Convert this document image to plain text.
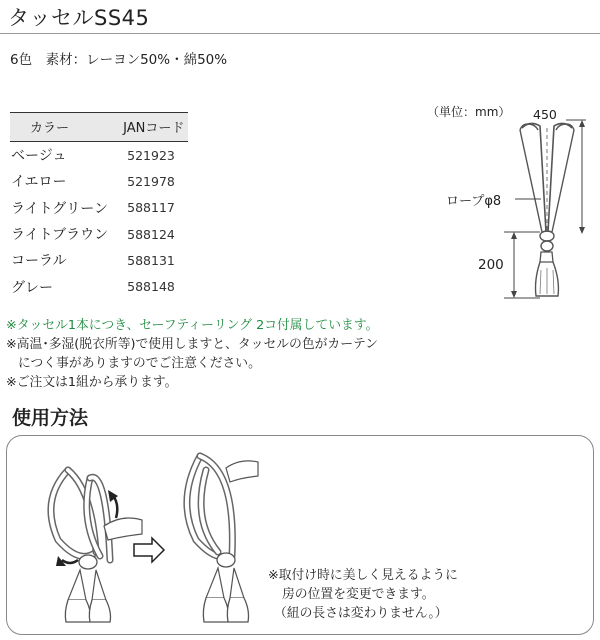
タッセルSS45
6色　素材：レーヨン50%・綿50%
カラー	JANコード
ベージュ	521923
イエロー	521978
ライトグリーン	588117
ライトブラウン	588124
コーラル	588131
グレー	588148
（単位：mm） 450
ロープφ8
200
※タッセル1本につき、セーフティーリング 2コ付属しています。
※高温･多湿(脱衣所等)で使用しますと、タッセルの色がカーテン
につく事がありますのでご注意ください。
※ご注文は1組から承ります。
使用方法
※取付け時に美しく見えるように
房の位置を変更できます。
（紐の長さは変わりません。）
